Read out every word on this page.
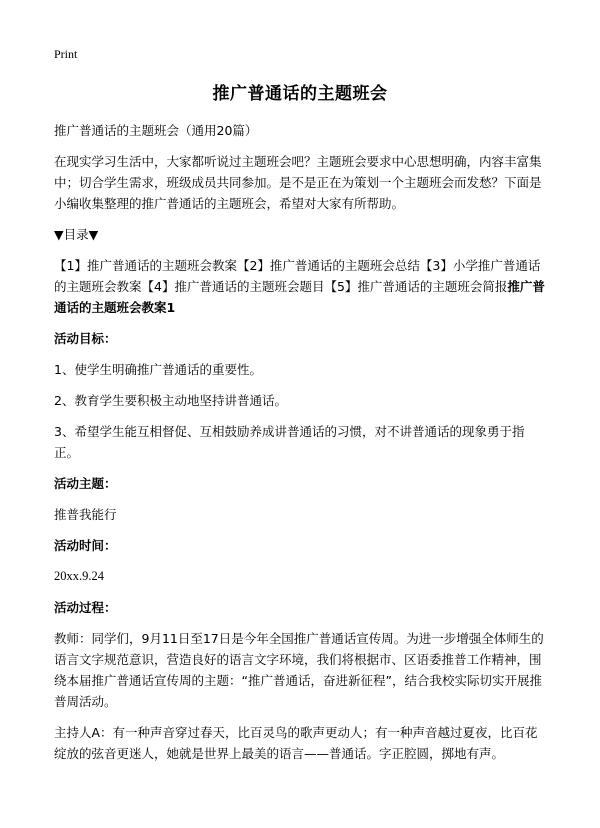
Print
推广普通话的主题班会

推广普通话的主题班会（通用20篇）

在现实学习生活中，大家都听说过主题班会吧？主题班会要求中心思想明确，内容丰富集中；切合学生需求，班级成员共同参加。是不是正在为策划一个主题班会而发愁？下面是小编收集整理的推广普通话的主题班会，希望对大家有所帮助。

▼目录▼

【1】推广普通话的主题班会教案【2】推广普通话的主题班会总结【3】小学推广普通话的主题班会教案【4】推广普通话的主题班会题目【5】推广普通话的主题班会简报推广普通话的主题班会教案1

活动目标：

1、使学生明确推广普通话的重要性。

2、教育学生要积极主动地坚持讲普通话。

3、希望学生能互相督促、互相鼓励养成讲普通话的习惯，对不讲普通话的现象勇于指正。

活动主题：

推普我能行

活动时间：

20xx.9.24

活动过程：

教师：同学们，9月11日至17日是今年全国推广普通话宣传周。为进一步增强全体师生的语言文字规范意识，营造良好的语言文字环境，我们将根据市、区语委推普工作精神，围绕本届推广普通话宣传周的主题：“推广普通话，奋进新征程”，结合我校实际切实开展推普周活动。

主持人A：有一种声音穿过春天，比百灵鸟的歌声更动人；有一种声音越过夏夜，比百花绽放的弦音更迷人，她就是世界上最美的语言——普通话。字正腔圆，掷地有声。
